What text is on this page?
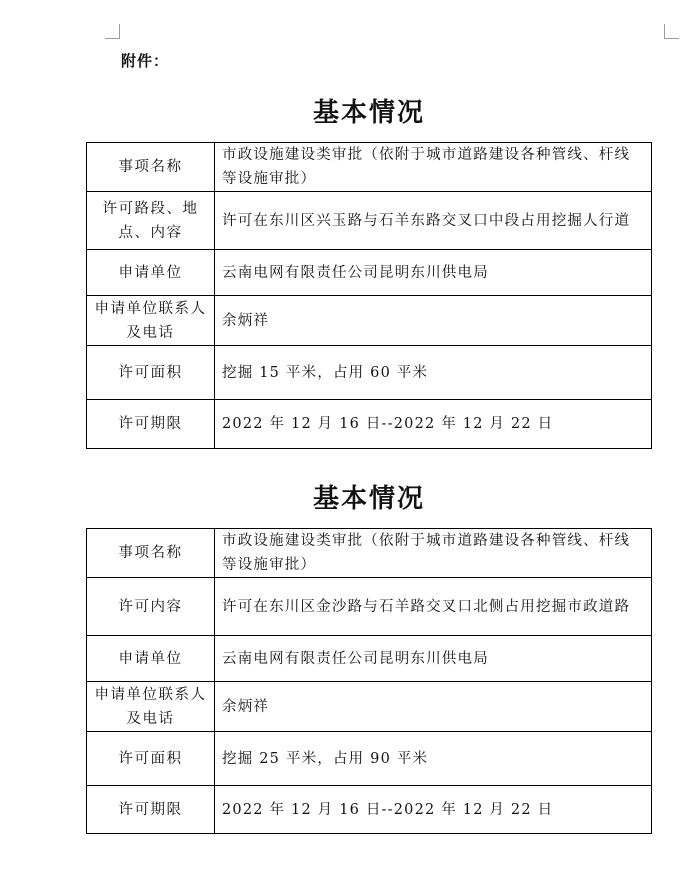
附件：
基本情况
事项名称	市政设施建设类审批（依附于城市道路建设各种管线、杆线等设施审批）
许可路段、地点、内容	许可在东川区兴玉路与石羊东路交叉口中段占用挖掘人行道
申请单位	云南电网有限责任公司昆明东川供电局
申请单位联系人及电话	余炳祥
许可面积	挖掘 15 平米，占用 60 平米
许可期限	2022 年 12 月 16 日--2022 年 12 月 22 日
基本情况
事项名称	市政设施建设类审批（依附于城市道路建设各种管线、杆线等设施审批）
许可内容	许可在东川区金沙路与石羊路交叉口北侧占用挖掘市政道路
申请单位	云南电网有限责任公司昆明东川供电局
申请单位联系人及电话	余炳祥
许可面积	挖掘 25 平米，占用 90 平米
许可期限	2022 年 12 月 16 日--2022 年 12 月 22 日
